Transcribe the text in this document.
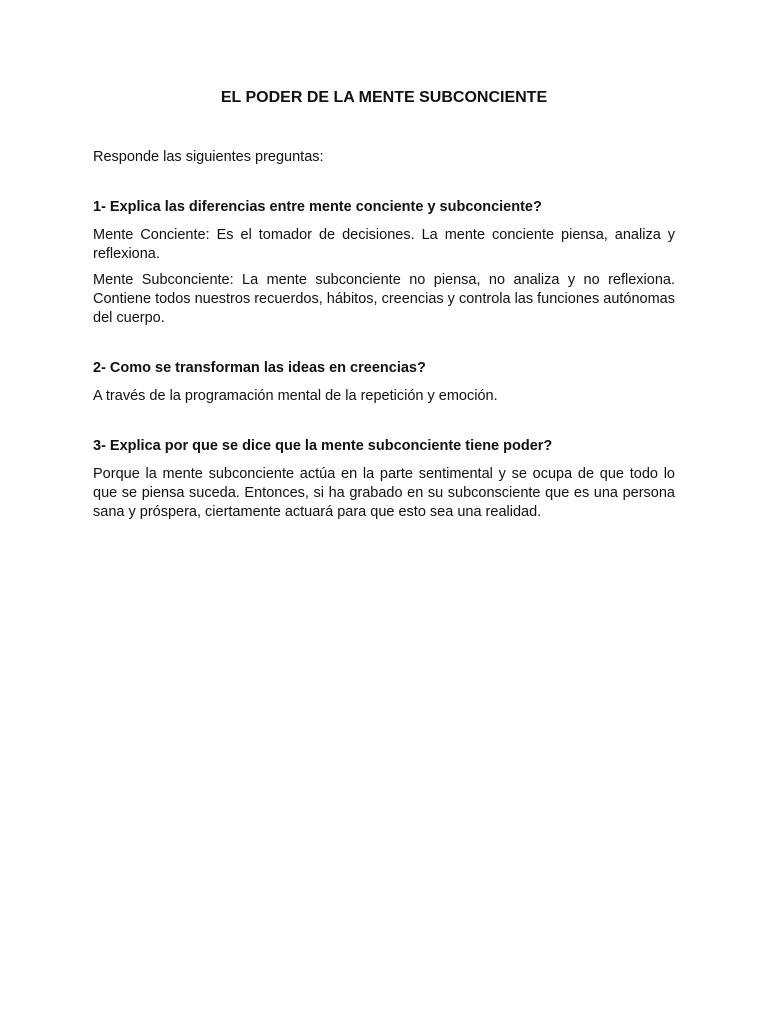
EL PODER DE LA MENTE SUBCONCIENTE

Responde las siguientes preguntas:

1- Explica las diferencias entre mente conciente y subconciente?

Mente Conciente: Es el tomador de decisiones. La mente conciente piensa, analiza y reflexiona.

Mente Subconciente: La mente subconciente no piensa, no analiza y no reflexiona. Contiene todos nuestros recuerdos, hábitos, creencias y controla las funciones autónomas del cuerpo.

2- Como se transforman las ideas en creencias?

A través de la programación mental de la repetición y emoción.

3- Explica por que se dice que la mente subconciente tiene poder?

Porque la mente subconciente actúa en la parte sentimental y se ocupa de que todo lo que se piensa suceda. Entonces, si ha grabado en su subconsciente que es una persona sana y próspera, ciertamente actuará para que esto sea una realidad.
